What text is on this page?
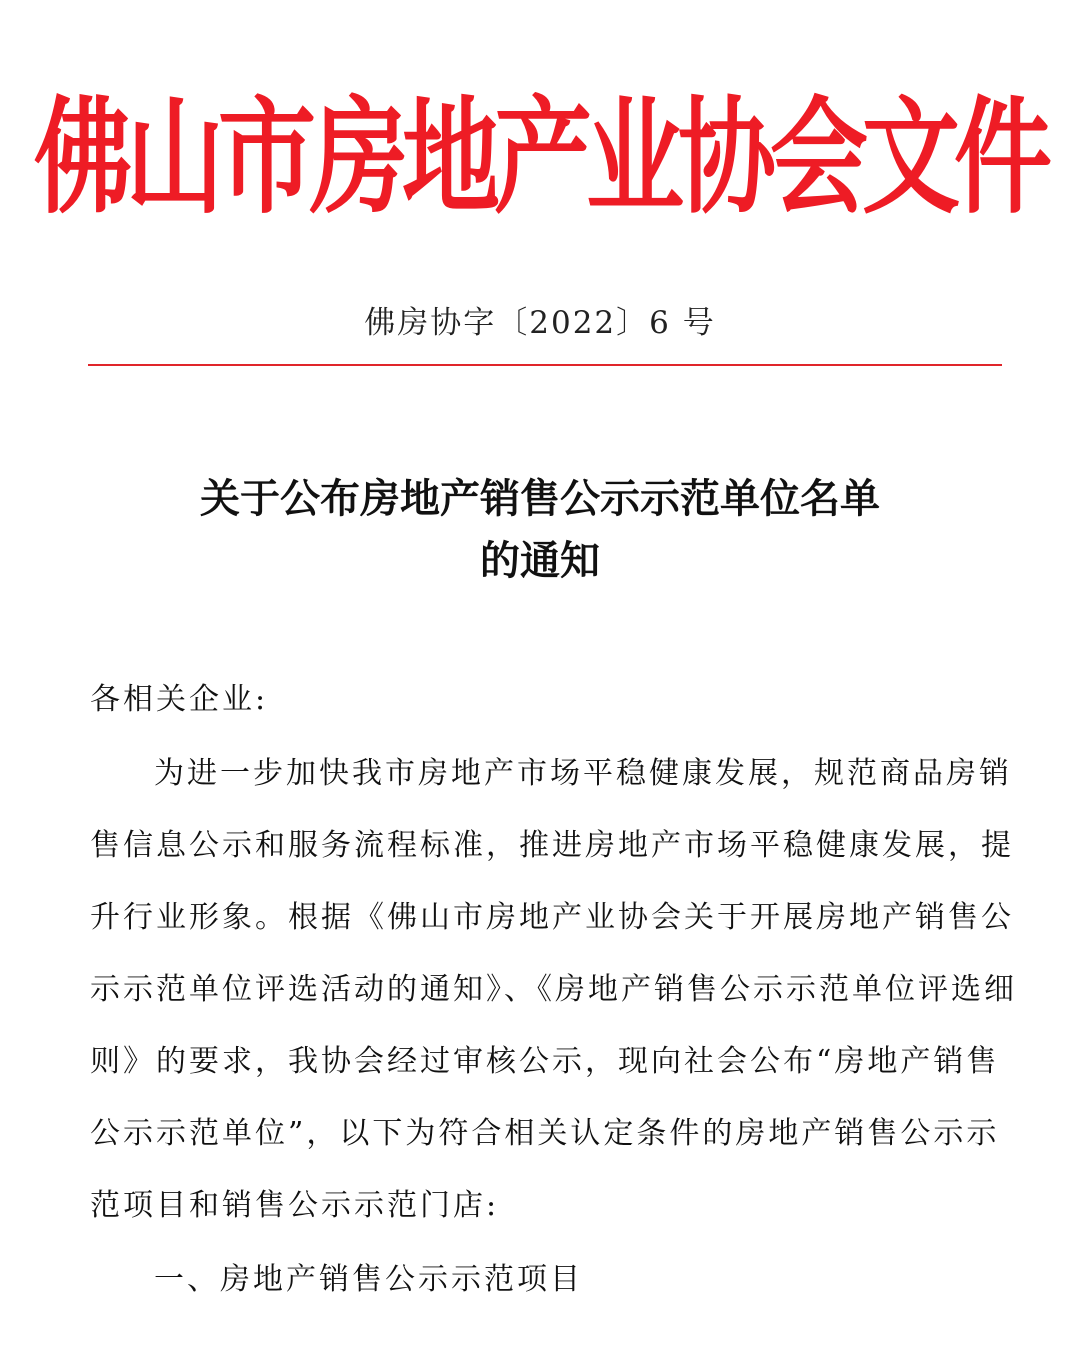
佛山市房地产业协会文件
佛房协字〔2022〕6 号
关于公布房地产销售公示示范单位名单
的通知
各相关企业:
为进一步加快我市房地产市场平稳健康发展，规范商品房销
售信息公示和服务流程标准，推进房地产市场平稳健康发展，提
升行业形象。根据《佛山市房地产业协会关于开展房地产销售公
示示范单位评选活动的通知》、《房地产销售公示示范单位评选细
则》的要求，我协会经过审核公示，现向社会公布“房地产销售
公示示范单位”，以下为符合相关认定条件的房地产销售公示示
范项目和销售公示示范门店:
一、房地产销售公示示范项目
